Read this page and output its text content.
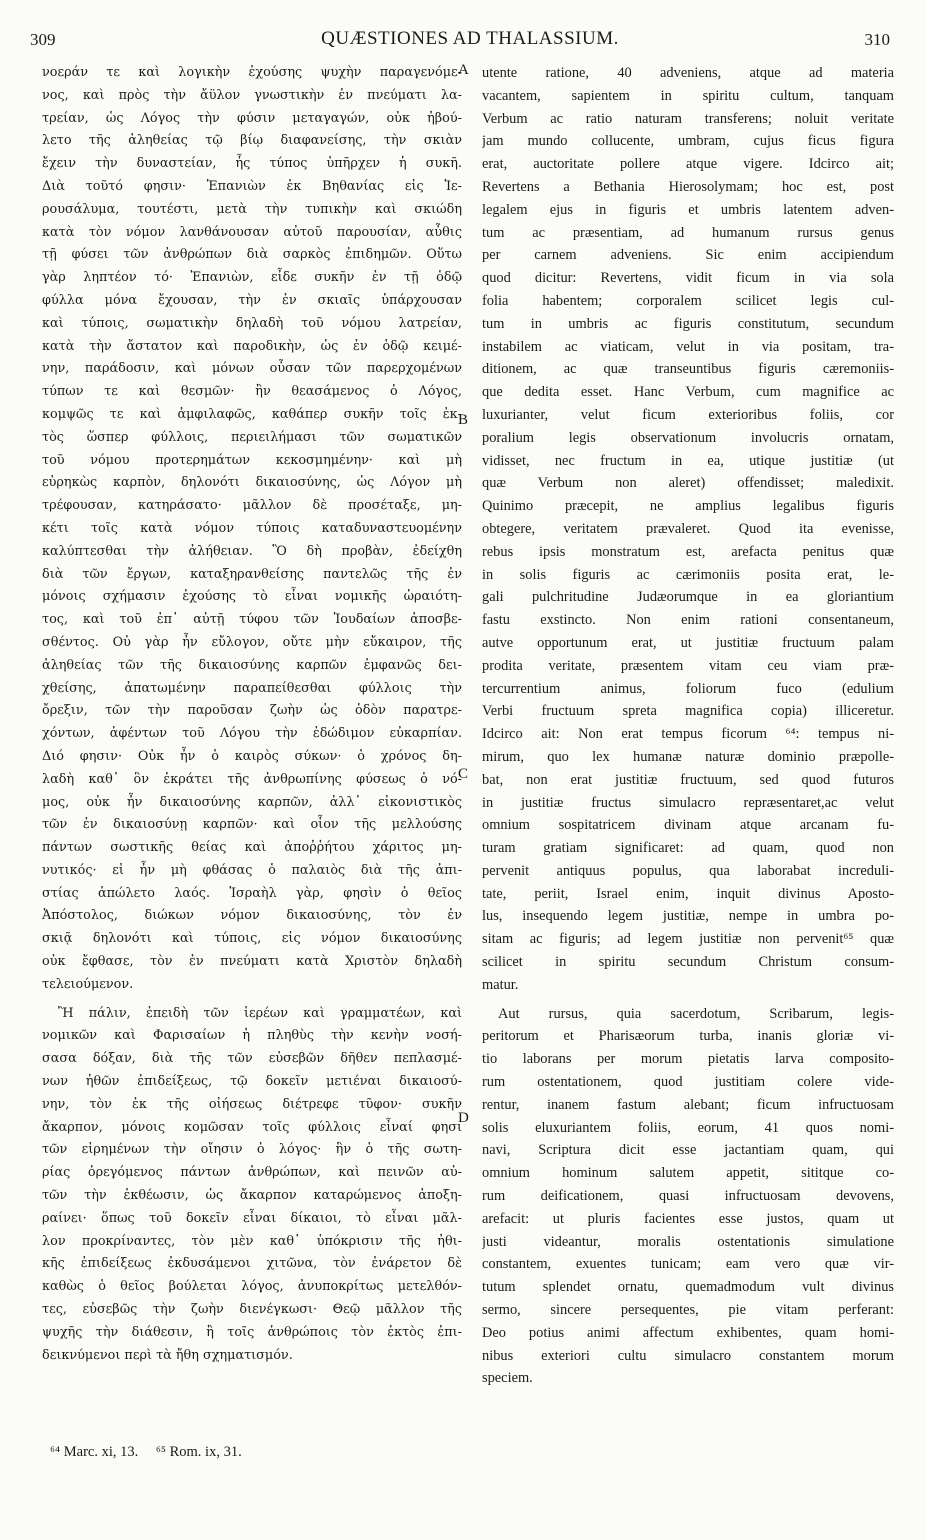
309	QUÆSTIONES AD THALASSIUM.	310
νοεράν τε καὶ λογικὴν ἐχούσης ψυχὴν παραγενόμε-
νος, καὶ πρὸς τὴν ἄϋλον γνωστικὴν ἐν πνεύματι λα-
τρείαν, ὡς Λόγος τὴν φύσιν μεταγαγών, οὐκ ἠβού-
λετο τῆς ἀληθείας τῷ βίῳ διαφανείσης, τὴν σκιὰν
ἔχειν τὴν δυναστείαν, ἧς τύπος ὑπῆρχεν ἡ συκῆ.
Διὰ τοῦτό φησιν· Ἐπανιὼν ἐκ Βηθανίας εἰς Ἱε-
ρουσάλυμα, τουτέστι, μετὰ τὴν τυπικὴν καὶ σκιώδη
κατὰ τὸν νόμον λανθάνουσαν αὐτοῦ παρουσίαν, αὖθις
τῇ φύσει τῶν ἀνθρώπων διὰ σαρκὸς ἐπιδημῶν. Οὕτω
γὰρ ληπτέον τό· Ἐπανιὼν, εἶδε συκῆν ἐν τῇ ὁδῷ
φύλλα μόνα ἔχουσαν, τὴν ἐν σκιαῖς ὑπάρχουσαν
καὶ τύποις, σωματικὴν δηλαδὴ τοῦ νόμου λατρείαν,
κατὰ τὴν ἄστατον καὶ παροδικὴν, ὡς ἐν ὁδῷ κειμέ-
νην, παράδοσιν, καὶ μόνων οὖσαν τῶν παρερχομένων
τύπων τε καὶ θεσμῶν· ἣν θεασάμενος ὁ Λόγος,
κομψῶς τε καὶ ἀμφιλαφῶς, καθάπερ συκῆν τοῖς ἐκ-
τὸς ὥσπερ φύλλοις, περιειλήμασι τῶν σωματικῶν
τοῦ νόμου προτερημάτων κεκοσμημένην· καὶ μὴ
εὑρηκὼς καρπὸν, δηλονότι δικαιοσύνης, ὡς Λόγον μὴ
τρέφουσαν, κατηράσατο· μᾶλλον δὲ προσέταξε, μη-
κέτι τοῖς κατὰ νόμον τύποις καταδυναστευομένην
καλύπτεσθαι τὴν ἀλήθειαν. Ὃ δὴ προβὰν, ἐδείχθη
διὰ τῶν ἔργων, καταξηρανθείσης παντελῶς τῆς ἐν
μόνοις σχήμασιν ἐχούσης τὸ εἶναι νομικῆς ὡραιότη-
τος, καὶ τοῦ ἐπ᾽ αὐτῇ τύφου τῶν Ἰουδαίων ἀποσβε-
σθέντος. Οὐ γὰρ ἦν εὔλογον, οὔτε μὴν εὔκαιρον, τῆς
ἀληθείας τῶν τῆς δικαιοσύνης καρπῶν ἐμφανῶς δει-
χθείσης, ἀπατωμένην παραπείθεσθαι φύλλοις τὴν
ὄρεξιν, τῶν τὴν παροῦσαν ζωὴν ὡς ὁδὸν παρατρε-
χόντων, ἀφέντων τοῦ Λόγου τὴν ἐδώδιμον εὐκαρπίαν.
Διό φησιν· Οὐκ ἦν ὁ καιρὸς σύκων· ὁ χρόνος δη-
λαδὴ καθ᾽ ὃν ἐκράτει τῆς ἀνθρωπίνης φύσεως ὁ νό-
μος, οὐκ ἦν δικαιοσύνης καρπῶν, ἀλλ᾽ εἰκονιστικὸς
τῶν ἐν δικαιοσύνῃ καρπῶν· καὶ οἷον τῆς μελλούσης
πάντων σωστικῆς θείας καὶ ἀποῤῥήτου χάριτος μη-
νυτικός· εἰ ἦν μὴ φθάσας ὁ παλαιὸς διὰ τῆς ἀπι-
στίας ἀπώλετο λαός. Ἰσραὴλ γὰρ, φησὶν ὁ θεῖος
Ἀπόστολος, διώκων νόμον δικαιοσύνης, τὸν ἐν
σκιᾷ δηλονότι καὶ τύποις, εἰς νόμον δικαιοσύνης
οὐκ ἔφθασε, τὸν ἐν πνεύματι κατὰ Χριστὸν δηλαδὴ
τελειούμενον.
Ἢ πάλιν, ἐπειδὴ τῶν ἱερέων καὶ γραμματέων, καὶ
νομικῶν καὶ Φαρισαίων ἡ πληθὺς τὴν κενὴν νοσή-
σασα δόξαν, διὰ τῆς τῶν εὐσεβῶν δῆθεν πεπλασμέ-
νων ἠθῶν ἐπιδείξεως, τῷ δοκεῖν μετιέναι δικαιοσύ-
νην, τὸν ἐκ τῆς οἰήσεως διέτρεφε τῦφον· συκῆν
ἄκαρπον, μόνοις κομῶσαν τοῖς φύλλοις εἶναί φησι
τῶν εἰρημένων τὴν οἴησιν ὁ λόγος· ἣν ὁ τῆς σωτη-
ρίας ὀρεγόμενος πάντων ἀνθρώπων, καὶ πεινῶν αὐ-
τῶν τὴν ἐκθέωσιν, ὡς ἄκαρπον καταρώμενος ἀποξη-
ραίνει· ὅπως τοῦ δοκεῖν εἶναι δίκαιοι, τὸ εἶναι μᾶλ-
λον προκρίναντες, τὸν μὲν καθ᾽ ὑπόκρισιν τῆς ἠθι-
κῆς ἐπιδείξεως ἐκδυσάμενοι χιτῶνα, τὸν ἐνάρετον δὲ
καθὼς ὁ θεῖος βούλεται λόγος, ἀνυποκρίτως μετελθόν-
τες, εὐσεβῶς τὴν ζωὴν διενέγκωσι· Θεῷ μᾶλλον τῆς
ψυχῆς τὴν διάθεσιν, ἢ τοῖς ἀνθρώποις τὸν ἐκτὸς ἐπι-
δεικνύμενοι περὶ τὰ ἤθη σχηματισμόν.
utente ratione, 40 adveniens, atque ad materia
vacantem, sapientem in spiritu cultum, tanquam
Verbum ac ratio naturam transferens; noluit veritate
jam mundo collucente, umbram, cujus ficus figura
erat, auctoritate pollere atque vigere. Idcirco ait;
Revertens a Bethania Hierosolymam; hoc est, post
legalem ejus in figuris et umbris latentem adven-
tum ac præsentiam, ad humanum rursus genus
per carnem adveniens. Sic enim accipiendum
quod dicitur: Revertens, vidit ficum in via sola
folia habentem; corporalem scilicet legis cul-
tum in umbris ac figuris constitutum, secundum
instabilem ac viaticam, velut in via positam, tra-
ditionem, ac quæ transeuntibus figuris cæremoniis-
que dedita esset. Hanc Verbum, cum magnifice ac
luxurianter, velut ficum exterioribus foliis, cor
poralium legis observationum involucris ornatam,
vidisset, nec fructum in ea, utique justitiæ (ut
quæ Verbum non aleret) offendisset; maledixit.
Quinimo præcepit, ne amplius legalibus figuris
obtegere, veritatem prævaleret. Quod ita evenisse,
rebus ipsis monstratum est, arefacta penitus quæ
in solis figuris ac cærimoniis posita erat, le-
gali pulchritudine Judæorumque in ea gloriantium
fastu exstincto. Non enim rationi consentaneum,
autve opportunum erat, ut justitiæ fructuum palam
prodita veritate, præsentem vitam ceu viam præ-
tercurrentium animus, foliorum fuco (edulium
Verbi fructuum spreta magnifica copia) illiceretur.
Idcirco ait: Non erat tempus ficorum ⁶⁴: tempus ni-
mirum, quo lex humanæ naturæ dominio præpolle-
bat, non erat justitiæ fructuum, sed quod futuros
in justitiæ fructus simulacro repræsentaret,ac velut
omnium sospitatricem divinam atque arcanam fu-
turam gratiam significaret: ad quam, quod non
pervenit antiquus populus, qua laborabat increduli-
tate, periit, Israel enim, inquit divinus Aposto-
lus, insequendo legem justitiæ, nempe in umbra po-
sitam ac figuris; ad legem justitiæ non pervenit⁶⁵ quæ
scilicet in spiritu secundum Christum consum-
matur.
Aut rursus, quia sacerdotum, Scribarum, legis-
peritorum et Pharisæorum turba, inanis gloriæ vi-
tio laborans per morum pietatis larva composito-
rum ostentationem, quod justitiam colere vide-
rentur, inanem fastum alebant; ficum infructuosam
solis eluxuriantem foliis, eorum, 41 quos nomi-
navi, Scriptura dicit esse jactantiam quam, qui
omnium hominum salutem appetit, sititque co-
rum deificationem, quasi infructuosam devovens,
arefacit: ut pluris facientes esse justos, quam ut
justi videantur, moralis ostentationis simulatione
constantem, exuentes tunicam; eam vero quæ vir-
tutum splendet ornatu, quemadmodum vult divinus
sermo, sincere persequentes, pie vitam perferant:
Deo potius animi affectum exhibentes, quam homi-
nibus exteriori cultu simulacro constantem morum
speciem.
A
B
C
D
⁶⁴ Marc. xi, 13. ⁶⁵ Rom. ix, 31.
